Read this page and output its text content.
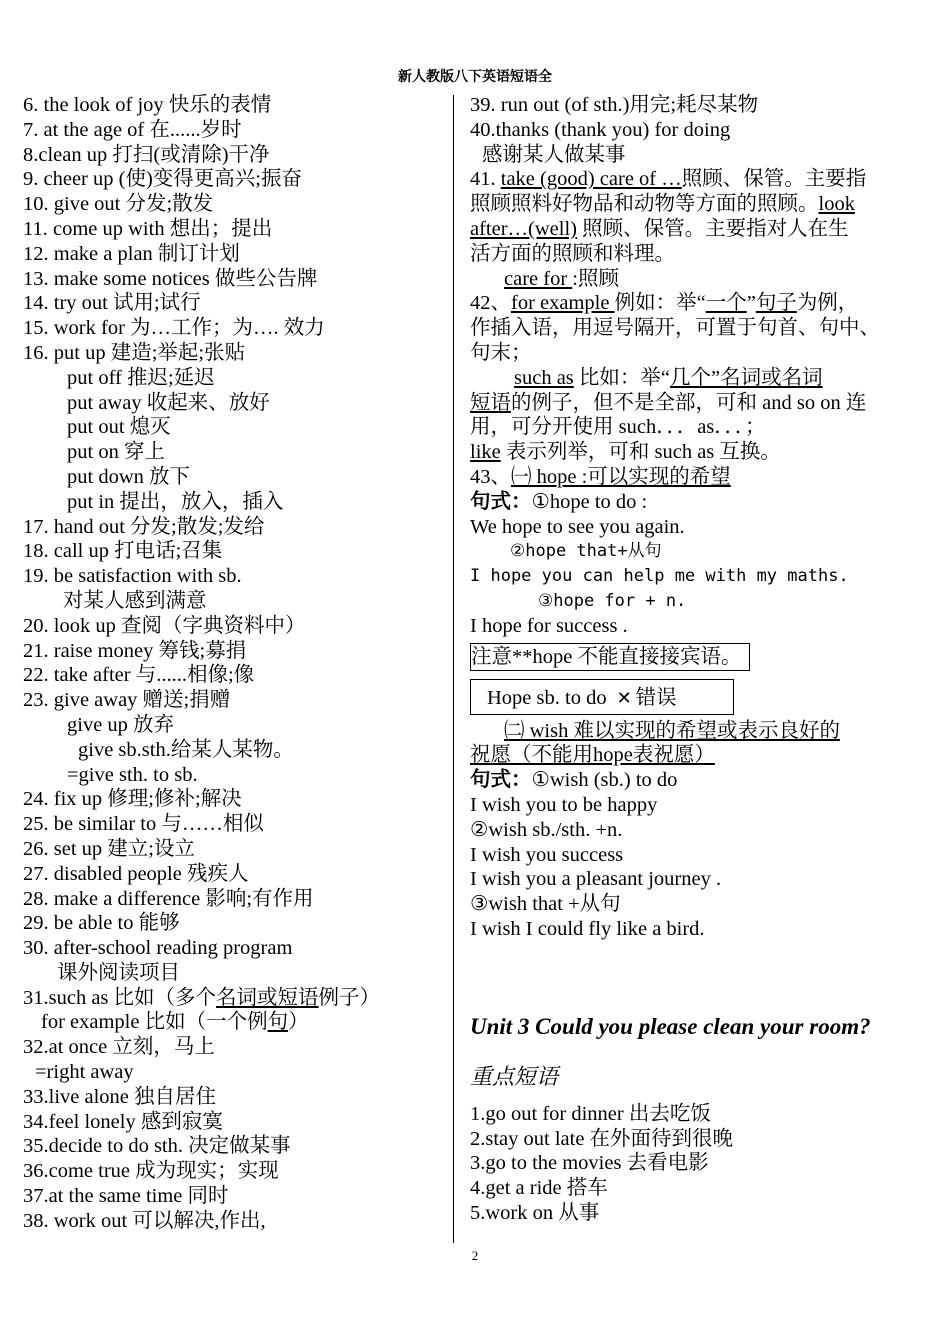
新人教版八下英语短语全
6. the look of joy 快乐的表情
7. at the age of 在......岁时
8.clean up 打扫(或清除)干净
9. cheer up (使)变得更高兴;振奋
10. give out 分发;散发
11. come up with 想出；提出
12. make a plan 制订计划
13. make some notices 做些公告牌
14. try out 试用;试行
15. work for 为…工作；为…. 效力
16. put up 建造;举起;张贴
put off 推迟;延迟
put away 收起来、放好
put out 熄灭
put on 穿上
put down 放下
put in 提出，放入，插入
17. hand out 分发;散发;发给
18. call up 打电话;召集
19. be satisfaction with sb.
对某人感到满意
20. look up 查阅（字典资料中）
21. raise money 筹钱;募捐
22. take after 与......相像;像
23. give away 赠送;捐赠
give up 放弃
give sb.sth.给某人某物。
=give sth. to sb.
24. fix up 修理;修补;解决
25. be similar to 与……相似
26. set up 建立;设立
27. disabled people 残疾人
28. make a difference 影响;有作用
29. be able to 能够
30. after-school reading program
课外阅读项目
31.such as 比如（多个名词或短语例子）
for example 比如（一个例句）
32.at once 立刻，马上
=right away
33.live alone 独自居住
34.feel lonely 感到寂寞
35.decide to do sth. 决定做某事
36.come true 成为现实；实现
37.at the same time 同时
38. work out 可以解决,作出,
39. run out (of sth.)用完;耗尽某物
40.thanks (thank you) for doing
感谢某人做某事
41. take (good) care of …照顾、保管。主要指
照顾照料好物品和动物等方面的照顾。look
after…(well) 照顾、保管。主要指对人在生
活方面的照顾和料理。
care for :照顾
42、for example 例如：举“一个”句子为例，
作插入语，用逗号隔开，可置于句首、句中、
句末；
such as 比如：举“几个”名词或名词
短语的例子，但不是全部，可和 and so on 连
用，可分开使用 such．．．as．．．；
like 表示列举，可和 such as 互换。
43、㈠ hope :可以实现的希望
句式：①hope to do :
We hope to see you again.
②hope that+从句
I hope you can help me with my maths.
③hope for + n.
I hope for success .
注意**hope 不能直接接宾语。
Hope sb. to do ✕ 错误
㈡ wish 难以实现的希望或表示良好的
祝愿（不能用hope表祝愿）
句式：①wish (sb.) to do
I wish you to be happy
②wish sb./sth. +n.
I wish you success
I wish you a pleasant journey .
③wish that +从句
I wish I could fly like a bird.
Unit 3 Could you please clean your room?
重点短语
1.go out for dinner 出去吃饭
2.stay out late 在外面待到很晚
3.go to the movies 去看电影
4.get a ride 搭车
5.work on 从事
2
